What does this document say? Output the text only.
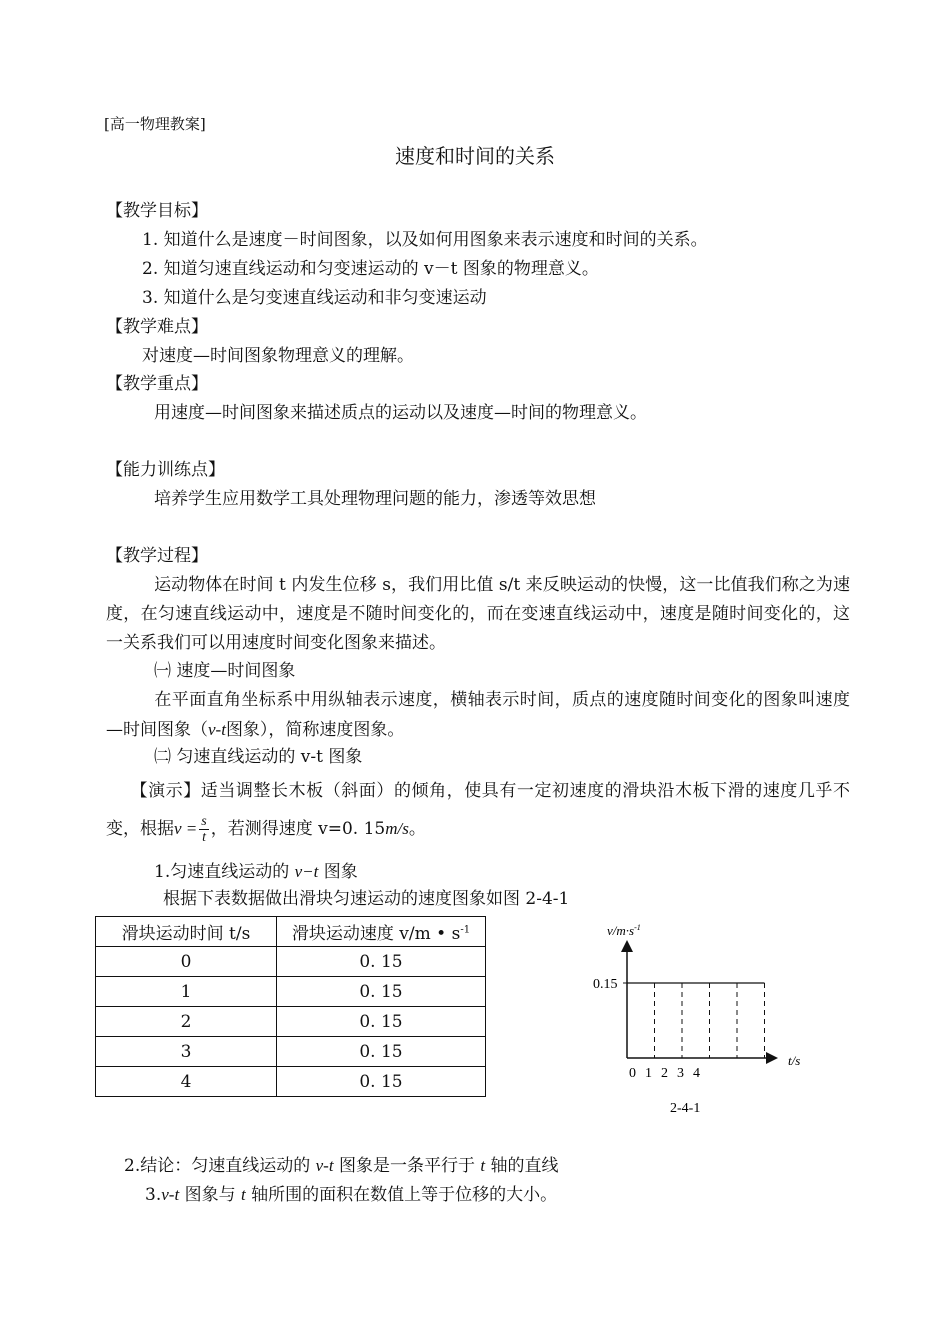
[高一物理教案]
速度和时间的关系
【教学目标】
1. 知道什么是速度－时间图象，以及如何用图象来表示速度和时间的关系。
2. 知道匀速直线运动和匀变速运动的 v－t 图象的物理意义。
3. 知道什么是匀变速直线运动和非匀变速运动
【教学难点】
对速度—时间图象物理意义的理解。
【教学重点】
用速度—时间图象来描述质点的运动以及速度—时间的物理意义。
【能力训练点】
培养学生应用数学工具处理物理问题的能力，渗透等效思想
【教学过程】
运动物体在时间 t 内发生位移 s，我们用比值 s/t 来反映运动的快慢，这一比值我们称之为速度，在匀速直线运动中，速度是不随时间变化的，而在变速直线运动中，速度是随时间变化的，这一关系我们可以用速度时间变化图象来描述。
㈠ 速度—时间图象
在平面直角坐标系中用纵轴表示速度，横轴表示时间，质点的速度随时间变化的图象叫速度—时间图象（v-t图象），简称速度图象。
㈡ 匀速直线运动的 v-t 图象
【演示】适当调整长木板（斜面）的倾角，使具有一定初速度的滑块沿木板下滑的速度几乎不变，根据$v = \frac{s}{t}$ ，若测得速度 v=0. 15m/s。
1.匀速直线运动的 v−t 图象
根据下表数据做出滑块匀速运动的速度图象如图 2-4-1
滑块运动时间 t/s	滑块运动速度 v/m • $s^{-1}$
0	0. 15
1	0. 15
2	0. 15
3	0. 15
4	0. 15
$v/m\cdot s^{-1}$
t/s
0.15
0 1 2 3 4
2-4-1
2.结论：匀速直线运动的 v-t 图象是一条平行于 t 轴的直线
3.v-t 图象与 t 轴所围的面积在数值上等于位移的大小。
